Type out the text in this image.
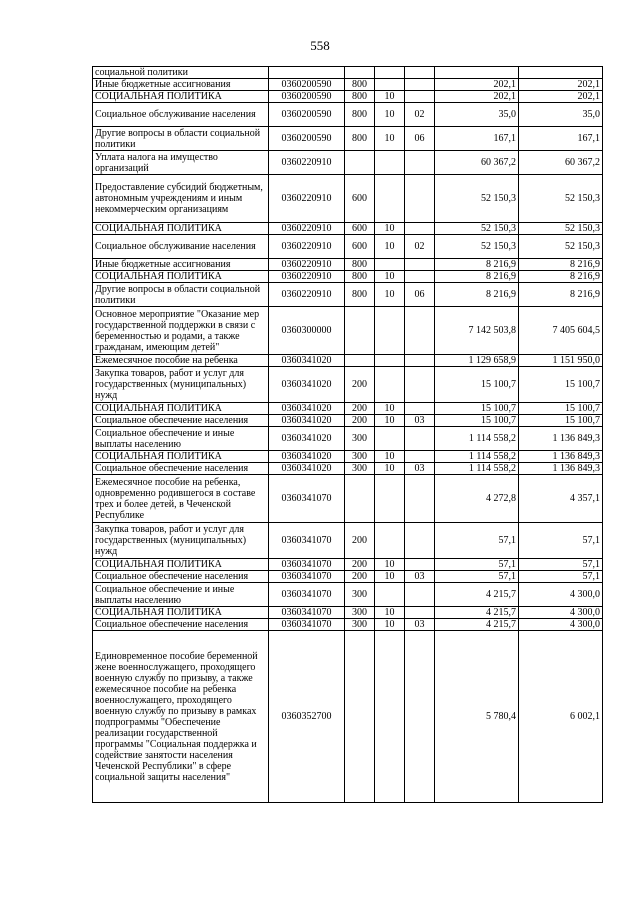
558
социальной политики						
Иные бюджетные ассигнования	0360200590	800			202,1	202,1
СОЦИАЛЬНАЯ ПОЛИТИКА	0360200590	800	10		202,1	202,1
Социальное обслуживание населения	0360200590	800	10	02	35,0	35,0
Другие вопросы в области социальной политики	0360200590	800	10	06	167,1	167,1
Уплата налога на имущество организаций	0360220910				60 367,2	60 367,2
Предоставление субсидий бюджетным, автономным учреждениям и иным некоммерческим организациям	0360220910	600			52 150,3	52 150,3
СОЦИАЛЬНАЯ ПОЛИТИКА	0360220910	600	10		52 150,3	52 150,3
Социальное обслуживание населения	0360220910	600	10	02	52 150,3	52 150,3
Иные бюджетные ассигнования	0360220910	800			8 216,9	8 216,9
СОЦИАЛЬНАЯ ПОЛИТИКА	0360220910	800	10		8 216,9	8 216,9
Другие вопросы в области социальной политики	0360220910	800	10	06	8 216,9	8 216,9
Основное мероприятие "Оказание мер государственной поддержки в связи с беременностью и родами, а также гражданам, имеющим детей"	0360300000				7 142 503,8	7 405 604,5
Ежемесячное пособие на ребенка	0360341020				1 129 658,9	1 151 950,0
Закупка товаров, работ и услуг для государственных (муниципальных) нужд	0360341020	200			15 100,7	15 100,7
СОЦИАЛЬНАЯ ПОЛИТИКА	0360341020	200	10		15 100,7	15 100,7
Социальное обеспечение населения	0360341020	200	10	03	15 100,7	15 100,7
Социальное обеспечение и иные выплаты населению	0360341020	300			1 114 558,2	1 136 849,3
СОЦИАЛЬНАЯ ПОЛИТИКА	0360341020	300	10		1 114 558,2	1 136 849,3
Социальное обеспечение населения	0360341020	300	10	03	1 114 558,2	1 136 849,3
Ежемесячное пособие на ребенка, одновременно родившегося в составе трех и более детей, в Чеченской Республике	0360341070				4 272,8	4 357,1
Закупка товаров, работ и услуг для государственных (муниципальных) нужд	0360341070	200			57,1	57,1
СОЦИАЛЬНАЯ ПОЛИТИКА	0360341070	200	10		57,1	57,1
Социальное обеспечение населения	0360341070	200	10	03	57,1	57,1
Социальное обеспечение и иные выплаты населению	0360341070	300			4 215,7	4 300,0
СОЦИАЛЬНАЯ ПОЛИТИКА	0360341070	300	10		4 215,7	4 300,0
Социальное обеспечение населения	0360341070	300	10	03	4 215,7	4 300,0
Единовременное пособие беременной жене военнослужащего, проходящего военную службу по призыву, а также ежемесячное пособие на ребенка военнослужащего, проходящего военную службу по призыву в рамках подпрограммы "Обеспечение реализации государственной программы "Социальная поддержка и содействие занятости населения Чеченской Республики" в сфере социальной защиты населения"	0360352700				5 780,4	6 002,1
